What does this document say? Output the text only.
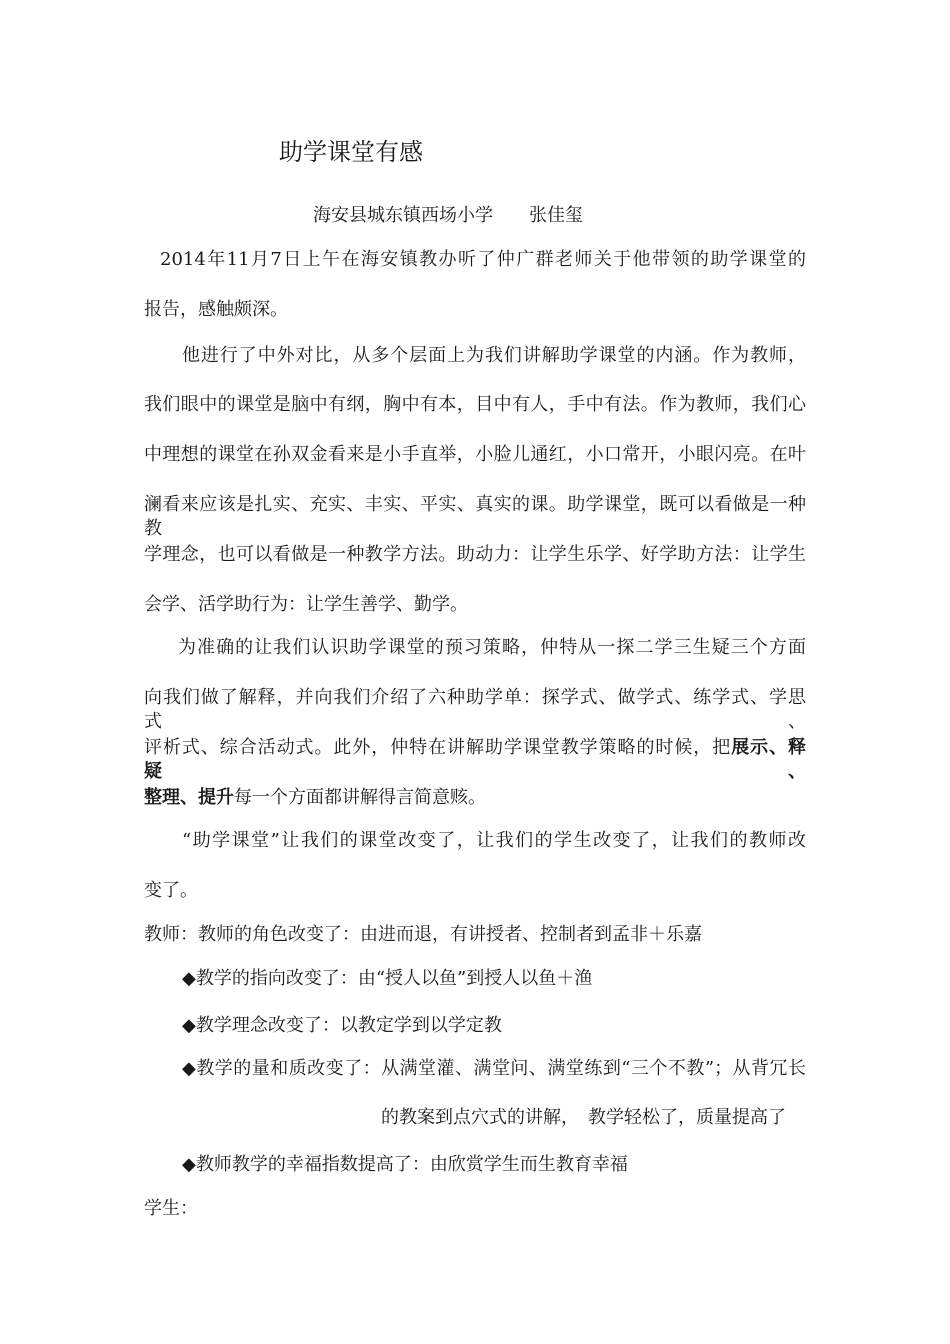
助学课堂有感
海安县城东镇西场小学　　张佳玺
2014年11月7日上午在海安镇教办听了仲广群老师关于他带领的助学课堂的
报告，感触颇深。
他进行了中外对比，从多个层面上为我们讲解助学课堂的内涵。作为教师，
我们眼中的课堂是脑中有纲，胸中有本，目中有人，手中有法。作为教师，我们心
中理想的课堂在孙双金看来是小手直举，小脸儿通红，小口常开，小眼闪亮。在叶
澜看来应该是扎实、充实、丰实、平实、真实的课。助学课堂，既可以看做是一种教
学理念，也可以看做是一种教学方法。助动力：让学生乐学、好学助方法：让学生
会学、活学助行为：让学生善学、勤学。
为准确的让我们认识助学课堂的预习策略，仲特从一探二学三生疑三个方面
向我们做了解释，并向我们介绍了六种助学单：探学式、做学式、练学式、学思式、
评析式、综合活动式。此外，仲特在讲解助学课堂教学策略的时候，把展示、释疑、
整理、提升每一个方面都讲解得言简意赅。
“助学课堂”让我们的课堂改变了，让我们的学生改变了，让我们的教师改
变了。
教师：教师的角色改变了：由进而退，有讲授者、控制者到孟非＋乐嘉
◆教学的指向改变了：由“授人以鱼”到授人以鱼＋渔
◆教学理念改变了：以教定学到以学定教
◆教学的量和质改变了：从满堂灌、满堂问、满堂练到“三个不教”；从背冗长
的教案到点穴式的讲解，　教学轻松了，质量提高了
◆教师教学的幸福指数提高了：由欣赏学生而生教育幸福
学生：
